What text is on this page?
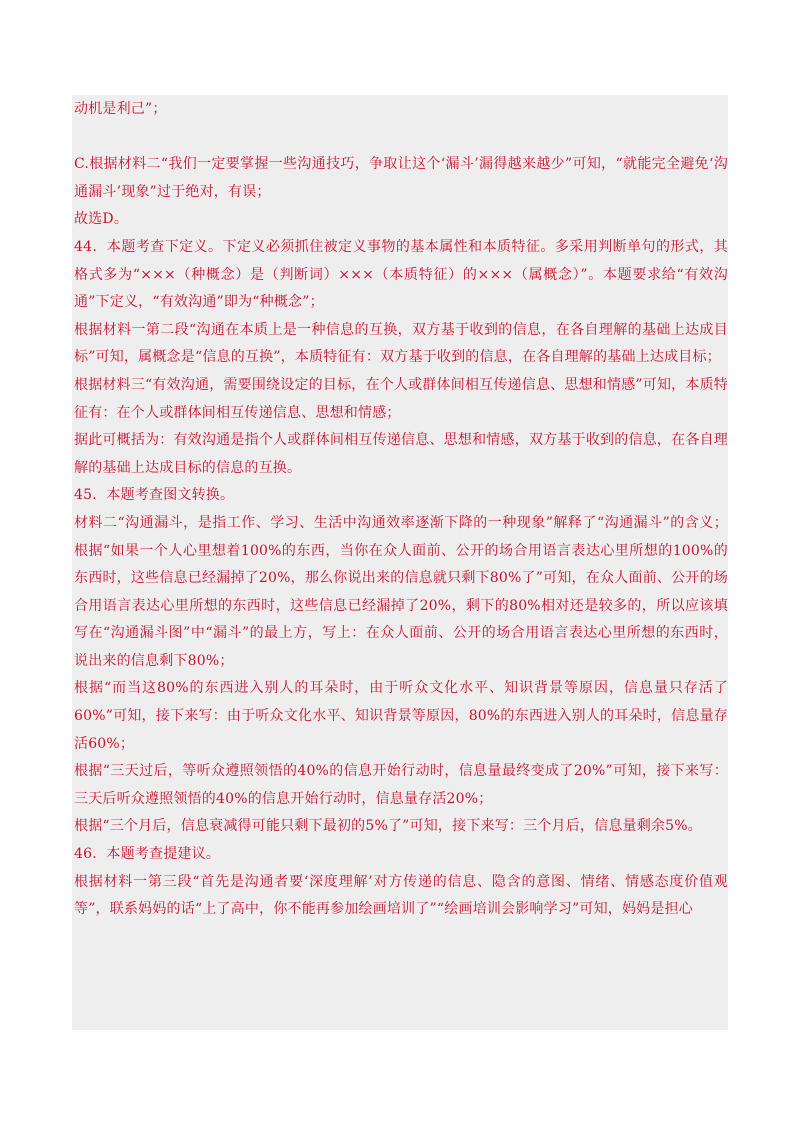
动机是利己”；

C.根据材料二“我们一定要掌握一些沟通技巧，争取让这个‘漏斗’漏得越来越少”可知，“就能完全避免‘沟通漏斗’现象”过于绝对，有误；

故选D。

44．本题考查下定义。下定义必须抓住被定义事物的基本属性和本质特征。多采用判断单句的形式，其格式多为“×××（种概念）是（判断词）×××（本质特征）的×××（属概念）”。本题要求给“有效沟通”下定义，“有效沟通”即为“种概念”；

根据材料一第二段“沟通在本质上是一种信息的互换，双方基于收到的信息，在各自理解的基础上达成目标”可知，属概念是“信息的互换”，本质特征有：双方基于收到的信息，在各自理解的基础上达成目标；

根据材料三“有效沟通，需要围绕设定的目标，在个人或群体间相互传递信息、思想和情感”可知，本质特征有：在个人或群体间相互传递信息、思想和情感；

据此可概括为：有效沟通是指个人或群体间相互传递信息、思想和情感，双方基于收到的信息，在各自理解的基础上达成目标的信息的互换。

45．本题考查图文转换。

材料二“沟通漏斗，是指工作、学习、生活中沟通效率逐渐下降的一种现象”解释了“沟通漏斗”的含义；根据“如果一个人心里想着100%的东西，当你在众人面前、公开的场合用语言表达心里所想的100%的东西时，这些信息已经漏掉了20%，那么你说出来的信息就只剩下80%了”可知，在众人面前、公开的场合用语言表达心里所想的东西时，这些信息已经漏掉了20%，剩下的80%相对还是较多的，所以应该填写在“沟通漏斗图”中“漏斗”的最上方，写上：在众人面前、公开的场合用语言表达心里所想的东西时，说出来的信息剩下80%；

根据“而当这80%的东西进入别人的耳朵时，由于听众文化水平、知识背景等原因，信息量只存活了60%”可知，接下来写：由于听众文化水平、知识背景等原因，80%的东西进入别人的耳朵时，信息量存活60%；

根据“三天过后，等听众遵照领悟的40%的信息开始行动时，信息量最终变成了20%”可知，接下来写：三天后听众遵照领悟的40%的信息开始行动时，信息量存活20%；

根据“三个月后，信息衰减得可能只剩下最初的5%了”可知，接下来写：三个月后，信息量剩余5%。

46．本题考查提建议。

根据材料一第三段“首先是沟通者要‘深度理解’对方传递的信息、隐含的意图、情绪、情感态度价值观等”，联系妈妈的话“上了高中，你不能再参加绘画培训了”“绘画培训会影响学习”可知，妈妈是担心
